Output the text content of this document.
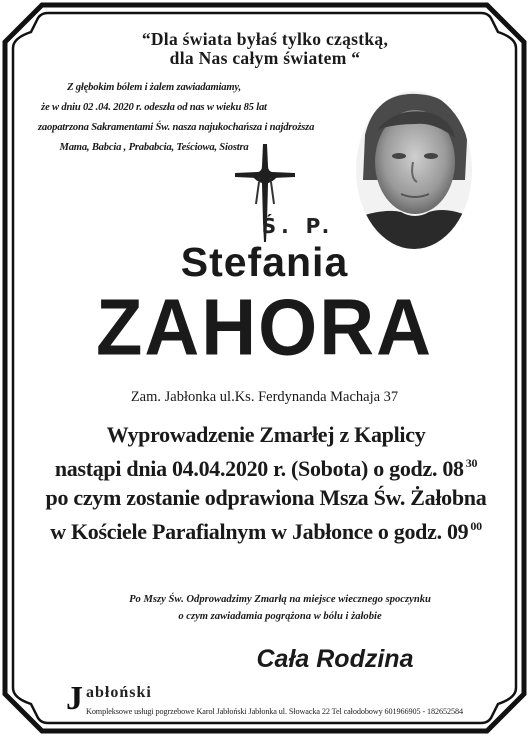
“Dla świata byłaś tylko cząstką,
dla Nas całym światem “
Z głębokim bólem i żalem zawiadamiamy,
że w dniu 02 .04. 2020 r. odeszła od nas w wieku 85 lat
zaopatrzona Sakramentami Św. nasza najukochańsza i najdroższa
Mama, Babcia , Prababcia, Teściowa, Siostra
Ś. P.
Stefania
ZAHORA
Zam. Jabłonka ul.Ks. Ferdynanda Machaja 37
Wyprowadzenie Zmarłej z Kaplicy
nastąpi dnia 04.04.2020 r. (Sobota) o godz. 08 $^{30}$
po czym zostanie odprawiona Msza Św. Żałobna
w Kościele Parafialnym w Jabłonce o godz. 09 $^{00}$
Po Mszy Św. Odprowadzimy Zmarłą na miejsce wiecznego spoczynku
o czym zawiadamia pogrążona w bólu i żałobie
Cała Rodzina
J abłoński
Kompleksowe usługi pogrzebowe Karol Jabłoński Jabłonka ul. Słowacka 22 Tel całodobowy 601966905 - 182652584
